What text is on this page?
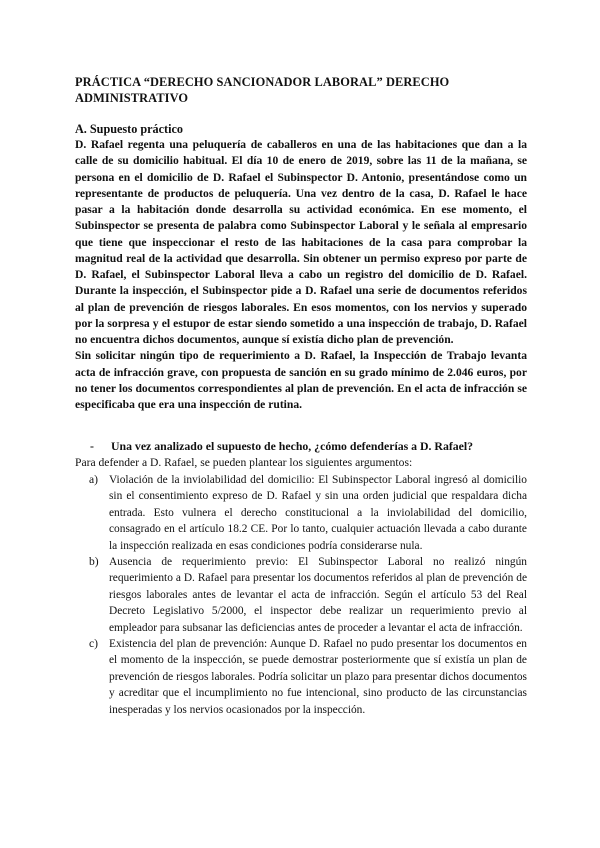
PRÁCTICA “DERECHO SANCIONADOR LABORAL” DERECHO ADMINISTRATIVO
A. Supuesto práctico

D. Rafael regenta una peluquería de caballeros en una de las habitaciones que dan a la calle de su domicilio habitual. El día 10 de enero de 2019, sobre las 11 de la mañana, se persona en el domicilio de D. Rafael el Subinspector D. Antonio, presentándose como un representante de productos de peluquería. Una vez dentro de la casa, D. Rafael le hace pasar a la habitación donde desarrolla su actividad económica. En ese momento, el Subinspector se presenta de palabra como Subinspector Laboral y le señala al empresario que tiene que inspeccionar el resto de las habitaciones de la casa para comprobar la magnitud real de la actividad que desarrolla. Sin obtener un permiso expreso por parte de D. Rafael, el Subinspector Laboral lleva a cabo un registro del domicilio de D. Rafael. Durante la inspección, el Subinspector pide a D. Rafael una serie de documentos referidos al plan de prevención de riesgos laborales. En esos momentos, con los nervios y superado por la sorpresa y el estupor de estar siendo sometido a una inspección de trabajo, D. Rafael no encuentra dichos documentos, aunque sí existía dicho plan de prevención.

Sin solicitar ningún tipo de requerimiento a D. Rafael, la Inspección de Trabajo levanta acta de infracción grave, con propuesta de sanción en su grado mínimo de 2.046 euros, por no tener los documentos correspondientes al plan de prevención. En el acta de infracción se especificaba que era una inspección de rutina.

- Una vez analizado el supuesto de hecho, ¿cómo defenderías a D. Rafael?
Para defender a D. Rafael, se pueden plantear los siguientes argumentos:
a) Violación de la inviolabilidad del domicilio: El Subinspector Laboral ingresó al domicilio sin el consentimiento expreso de D. Rafael y sin una orden judicial que respaldara dicha entrada. Esto vulnera el derecho constitucional a la inviolabilidad del domicilio, consagrado en el artículo 18.2 CE. Por lo tanto, cualquier actuación llevada a cabo durante la inspección realizada en esas condiciones podría considerarse nula.
b) Ausencia de requerimiento previo: El Subinspector Laboral no realizó ningún requerimiento a D. Rafael para presentar los documentos referidos al plan de prevención de riesgos laborales antes de levantar el acta de infracción. Según el artículo 53 del Real Decreto Legislativo 5/2000, el inspector debe realizar un requerimiento previo al empleador para subsanar las deficiencias antes de proceder a levantar el acta de infracción.
c) Existencia del plan de prevención: Aunque D. Rafael no pudo presentar los documentos en el momento de la inspección, se puede demostrar posteriormente que sí existía un plan de prevención de riesgos laborales. Podría solicitar un plazo para presentar dichos documentos y acreditar que el incumplimiento no fue intencional, sino producto de las circunstancias inesperadas y los nervios ocasionados por la inspección.
